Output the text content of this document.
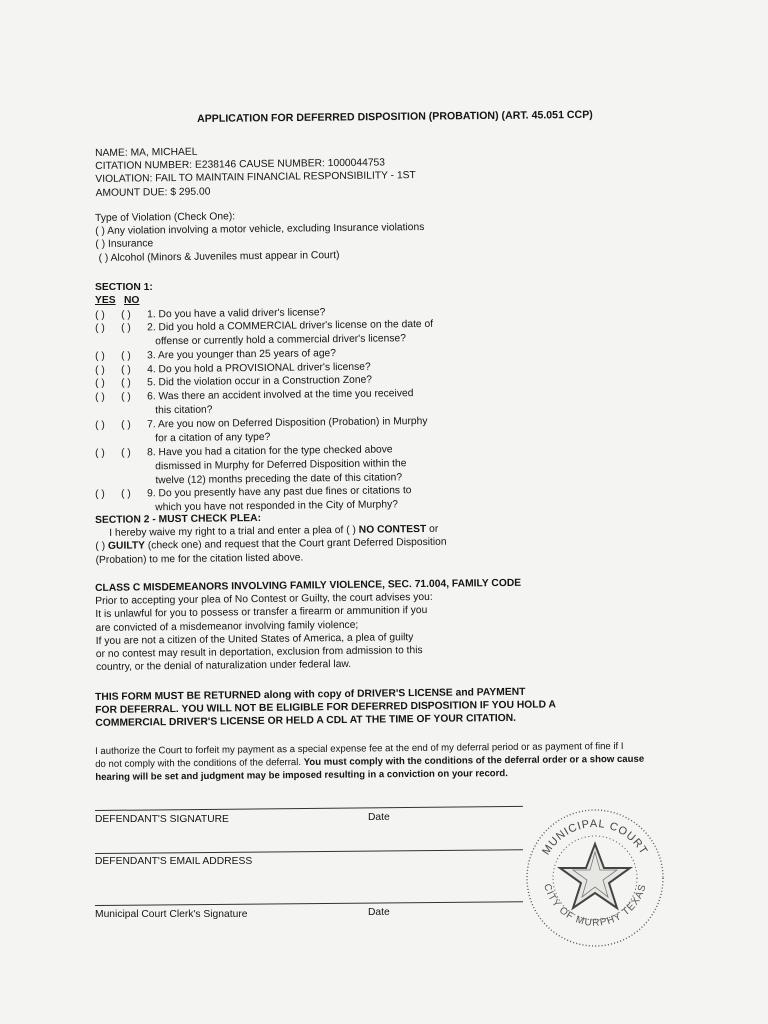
APPLICATION FOR DEFERRED DISPOSITION (PROBATION) (ART. 45.051 CCP)
NAME: MA, MICHAEL
CITATION NUMBER: E238146 CAUSE NUMBER: 1000044753
VIOLATION: FAIL TO MAINTAIN FINANCIAL RESPONSIBILITY - 1ST
AMOUNT DUE: $ 295.00
Type of Violation (Check One):
( ) Any violation involving a motor vehicle, excluding Insurance violations
( ) Insurance
( ) Alcohol (Minors & Juveniles must appear in Court)
SECTION 1:
YES NO
( ) ( ) 1. Do you have a valid driver's license?
( ) ( ) 2. Did you hold a COMMERCIAL driver's license on the date of
offense or currently hold a commercial driver's license?
( ) ( ) 3. Are you younger than 25 years of age?
( ) ( ) 4. Do you hold a PROVISIONAL driver's license?
( ) ( ) 5. Did the violation occur in a Construction Zone?
( ) ( ) 6. Was there an accident involved at the time you received
this citation?
( ) ( ) 7. Are you now on Deferred Disposition (Probation) in Murphy
for a citation of any type?
( ) ( ) 8. Have you had a citation for the type checked above
dismissed in Murphy for Deferred Disposition within the
twelve (12) months preceding the date of this citation?
( ) ( ) 9. Do you presently have any past due fines or citations to
which you have not responded in the City of Murphy?
SECTION 2 - MUST CHECK PLEA:
I hereby waive my right to a trial and enter a plea of ( ) NO CONTEST or
( ) GUILTY (check one) and request that the Court grant Deferred Disposition
(Probation) to me for the citation listed above.
CLASS C MISDEMEANORS INVOLVING FAMILY VIOLENCE, SEC. 71.004, FAMILY CODE
Prior to accepting your plea of No Contest or Guilty, the court advises you:
It is unlawful for you to possess or transfer a firearm or ammunition if you
are convicted of a misdemeanor involving family violence;
If you are not a citizen of the United States of America, a plea of guilty
or no contest may result in deportation, exclusion from admission to this
country, or the denial of naturalization under federal law.
THIS FORM MUST BE RETURNED along with copy of DRIVER'S LICENSE and PAYMENT
FOR DEFERRAL. YOU WILL NOT BE ELIGIBLE FOR DEFERRED DISPOSITION IF YOU HOLD A
COMMERCIAL DRIVER'S LICENSE OR HELD A CDL AT THE TIME OF YOUR CITATION.
I authorize the Court to forfeit my payment as a special expense fee at the end of my deferral period or as payment of fine if I
do not comply with the conditions of the deferral. You must comply with the conditions of the deferral order or a show cause
hearing will be set and judgment may be imposed resulting in a conviction on your record.
DEFENDANT'S SIGNATURE	Date
DEFENDANT'S EMAIL ADDRESS
Municipal Court Clerk's Signature	Date
MUNICIPAL COURT
CITY OF MURPHY TEXAS
